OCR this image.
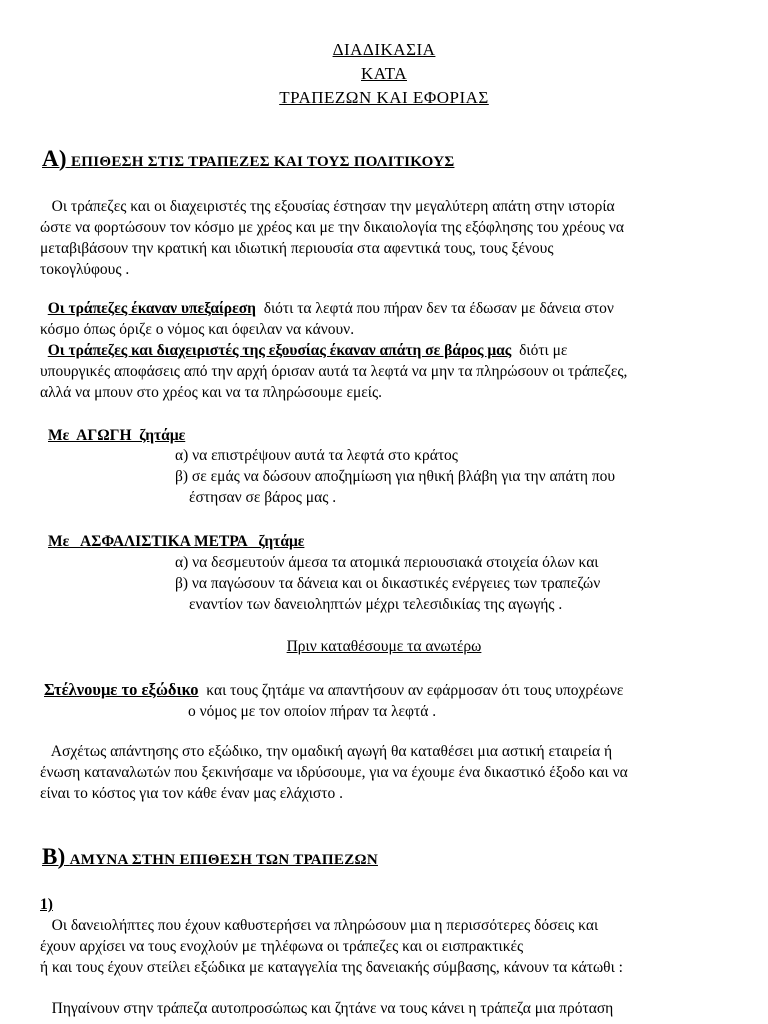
ΔΙΑΔΙΚΑΣΙΑ
ΚΑΤΑ
ΤΡΑΠΕΖΩΝ ΚΑΙ ΕΦΟΡΙΑΣ
A) ΕΠΙΘΕΣΗ ΣΤΙΣ ΤΡΑΠΕΖΕΣ ΚΑΙ ΤΟΥΣ ΠΟΛΙΤΙΚΟΥΣ
Οι τράπεζες και οι διαχειριστές της εξουσίας έστησαν την μεγαλύτερη απάτη στην ιστορία
ώστε να φορτώσουν τον κόσμο με χρέος και με την δικαιολογία της εξόφλησης του χρέους να
μεταβιβάσουν την κρατική και ιδιωτική περιουσία στα αφεντικά τους, τους ξένους
τοκογλύφους .
Οι τράπεζες έκαναν υπεξαίρεση  διότι τα λεφτά που πήραν δεν τα έδωσαν με δάνεια στον
κόσμο όπως όριζε ο νόμος και όφειλαν να κάνουν.
Οι τράπεζες και διαχειριστές της εξουσίας έκαναν απάτη σε βάρος μας  διότι με
υπουργικές αποφάσεις από την αρχή όρισαν αυτά τα λεφτά να μην τα πληρώσουν οι τράπεζες,
αλλά να μπουν στο χρέος και να τα πληρώσουμε εμείς.
Με  ΑΓΩΓΗ  ζητάμε
α) να επιστρέψουν αυτά τα λεφτά στο κράτος
β) σε εμάς να δώσουν αποζημίωση για ηθική βλάβη για την απάτη που
έστησαν σε βάρος μας .
Με   ΑΣΦΑΛΙΣΤΙΚΑ ΜΕΤΡΑ   ζητάμε
α) να δεσμευτούν άμεσα τα ατομικά περιουσιακά στοιχεία όλων και
β) να παγώσουν τα δάνεια και οι δικαστικές ενέργειες των τραπεζών
εναντίον των δανειοληπτών μέχρι τελεσιδικίας της αγωγής .
Πριν καταθέσουμε τα ανωτέρω
Στέλνουμε το εξώδικο  και τους ζητάμε να απαντήσουν αν εφάρμοσαν ότι τους υποχρέωνε
ο νόμος με τον οποίον πήραν τα λεφτά .
Ασχέτως απάντησης στο εξώδικο, την ομαδική αγωγή θα καταθέσει μια αστική εταιρεία ή
ένωση καταναλωτών που ξεκινήσαμε να ιδρύσουμε, για να έχουμε ένα δικαστικό έξοδο και να
είναι το κόστος για τον κάθε έναν μας ελάχιστο .
B) ΑΜΥΝΑ ΣΤΗΝ ΕΠΙΘΕΣΗ ΤΩΝ ΤΡΑΠΕΖΩΝ
1)
Οι δανειολήπτες που έχουν καθυστερήσει να πληρώσουν μια η περισσότερες δόσεις και
έχουν αρχίσει να τους ενοχλούν με τηλέφωνα οι τράπεζες και οι εισπρακτικές
ή και τους έχουν στείλει εξώδικα με καταγγελία της δανειακής σύμβασης, κάνουν τα κάτωθι :
Πηγαίνουν στην τράπεζα αυτοπροσώπως και ζητάνε να τους κάνει η τράπεζα μια πρόταση
